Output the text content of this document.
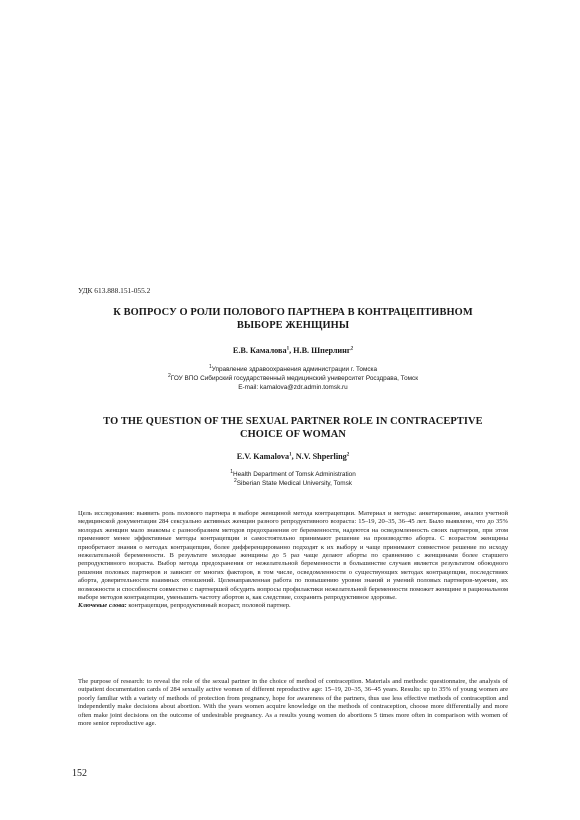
УДК 613.888.151-055.2
К ВОПРОСУ О РОЛИ ПОЛОВОГО ПАРТНЕРА В КОНТРАЦЕПТИВНОМ
ВЫБОРЕ ЖЕНЩИНЫ
Е.В. Камалова$^1$, Н.В. Шперлинг$^2$
$^1$Управление здравоохранения администрации г. Томска
$^2$ГОУ ВПО Сибирский государственный медицинский университет Росздрава, Томск
E-mail: kamalova@zdr.admin.tomsk.ru
TO THE QUESTION OF THE SEXUAL PARTNER ROLE IN CONTRACEPTIVE
CHOICE OF WOMAN
E.V. Kamalova$^1$, N.V. Shperling$^2$
$^1$Health Department of Tomsk Administration
$^2$Siberian State Medical University, Tomsk

Цель исследования: выявить роль полового партнера в выборе женщиной метода контрацепции. Материал и методы: анкетирование, анализ учетной медицинской документации 284 сексуально активных женщин разного репродуктивного возраста: 15–19, 20–35, 36–45 лет. Было выявлено, что до 35% молодых женщин мало знакомы с разнообразием методов предохранения от беременности, надеются на осведомленность своих партнеров, при этом применяют менее эффективные методы контрацепции и самостоятельно принимают решение на производство аборта. С возрастом женщины приобретают знания о методах контрацепции, более дифференцированно подходят к их выбору и чаще принимают совместное решение по исходу нежелательной беременности. В результате молодые женщины до 5 раз чаще делают аборты по сравнению с женщинами более старшего репродуктивного возраста. Выбор метода предохранения от нежелательной беременности в большинстве случаев является результатом обоюдного решения половых партнеров и зависит от многих факторов, в том числе, осведомленности о существующих методах контрацепции, последствиях аборта, доверительности взаимных отношений. Целенаправленная работа по повышению уровня знаний и умений половых партнеров-мужчин, их возможности и способности совместно с партнершей обсудить вопросы профилактики нежелательной беременности поможет женщине в рациональном выборе методов контрацепции, уменьшить частоту абортов и, как следствие, сохранить репродуктивное здоровье.

Ключевые слова: контрацепция, репродуктивный возраст, половой партнер.

The purpose of research: to reveal the role of the sexual partner in the choice of method of contraception. Materials and methods: questionnaire, the analysis of outpatient documentation cards of 284 sexually active women of different reproductive age: 15–19, 20–35, 36–45 years. Results: up to 35% of young women are poorly familiar with a variety of methods of protection from pregnancy, hope for awareness of the partners, thus use less effective methods of contraception and independently make decisions about abortion. With the years women acquire knowledge on the methods of contraception, choose more differentially and more often make joint decisions on the outcome of undesirable pregnancy. As a results young women do abortions 5 times more often in comparison with women of more senior reproductive age.

152
